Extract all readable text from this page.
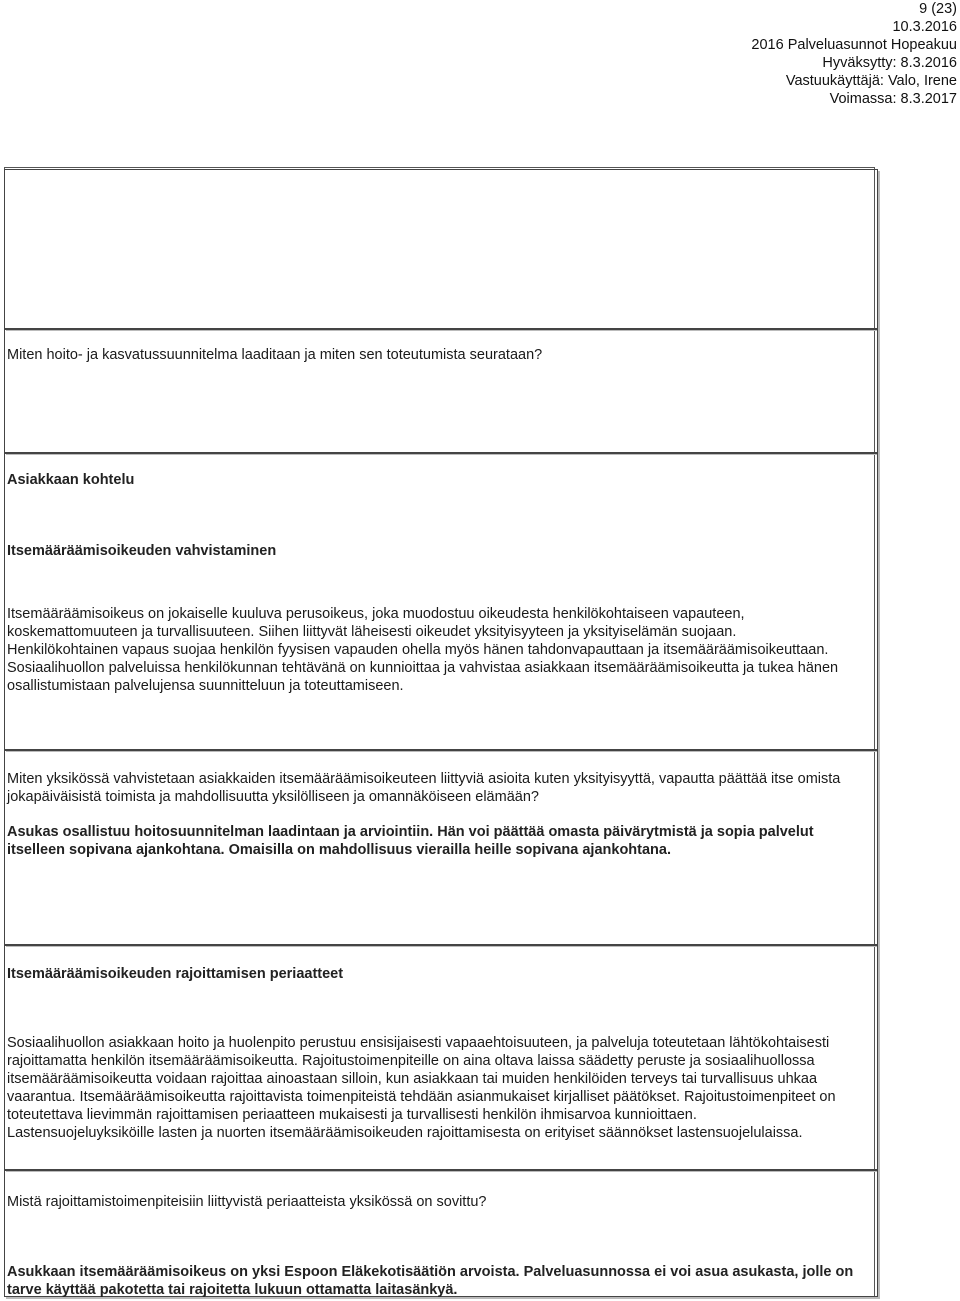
9 (23)
10.3.2016
2016 Palveluasunnot Hopeakuu
Hyväksytty: 8.3.2016
Vastuukäyttäjä: Valo, Irene
Voimassa: 8.3.2017
Miten hoito- ja kasvatussuunnitelma laaditaan ja miten sen toteutumista seurataan?
Asiakkaan kohtelu
Itsemääräämisoikeuden vahvistaminen

Itsemääräämisoikeus on jokaiselle kuuluva perusoikeus, joka muodostuu oikeudesta henkilökohtaiseen vapauteen, koskemattomuuteen ja turvallisuuteen. Siihen liittyvät läheisesti oikeudet yksityisyyteen ja yksityiselämän suojaan.

Henkilökohtainen vapaus suojaa henkilön fyysisen vapauden ohella myös hänen tahdonvapauttaan ja itsemääräämisoikeuttaan.

Sosiaalihuollon palveluissa henkilökunnan tehtävänä on kunnioittaa ja vahvistaa asiakkaan itsemääräämisoikeutta ja tukea hänen osallistumistaan palvelujensa suunnitteluun ja toteuttamiseen.

Miten yksikössä vahvistetaan asiakkaiden itsemääräämisoikeuteen liittyviä asioita kuten yksityisyyttä, vapautta päättää itse omista jokapäiväisistä toimista ja mahdollisuutta yksilölliseen ja omannäköiseen elämään?
Asukas osallistuu hoitosuunnitelman laadintaan ja arviointiin. Hän voi päättää omasta päivärytmistä ja sopia palvelut itselleen sopivana ajankohtana. Omaisilla on mahdollisuus vierailla heille sopivana ajankohtana.
Itsemääräämisoikeuden rajoittamisen periaatteet

Sosiaalihuollon asiakkaan hoito ja huolenpito perustuu ensisijaisesti vapaaehtoisuuteen, ja palveluja toteutetaan lähtökohtaisesti rajoittamatta henkilön itsemääräämisoikeutta. Rajoitustoimenpiteille on aina oltava laissa säädetty peruste ja sosiaalihuollossa itsemääräämisoikeutta voidaan rajoittaa ainoastaan silloin, kun asiakkaan tai muiden henkilöiden terveys tai turvallisuus uhkaa vaarantua. Itsemääräämisoikeutta rajoittavista toimenpiteistä tehdään asianmukaiset kirjalliset päätökset. Rajoitustoimenpiteet on toteutettava lievimmän rajoittamisen periaatteen mukaisesti ja turvallisesti henkilön ihmisarvoa kunnioittaen.

Lastensuojeluyksiköille lasten ja nuorten itsemääräämisoikeuden rajoittamisesta on erityiset säännökset lastensuojelulaissa.

Mistä rajoittamistoimenpiteisiin liittyvistä periaatteista yksikössä on sovittu?
Asukkaan itsemääräämisoikeus on yksi Espoon Eläkekotisäätiön arvoista. Palveluasunnossa ei voi asua asukasta, jolle on tarve käyttää pakotetta tai rajoitetta lukuun ottamatta laitasänkyä.
